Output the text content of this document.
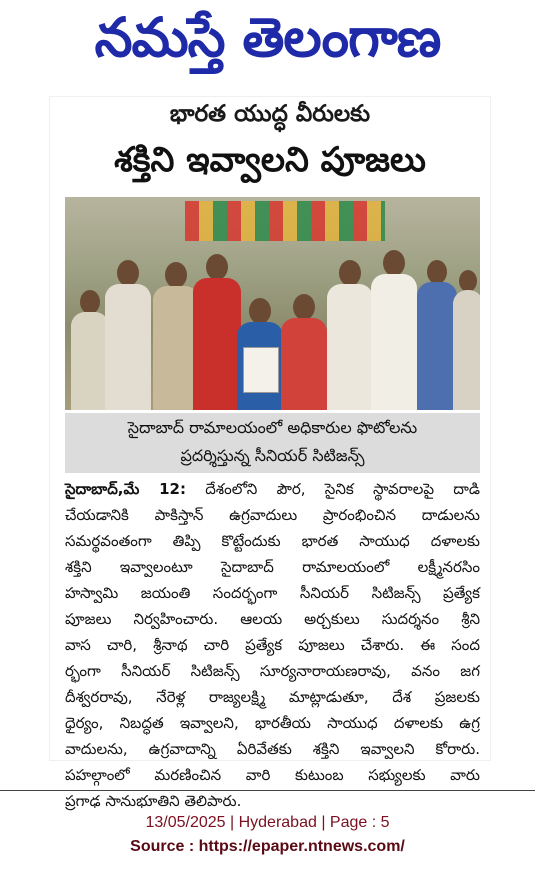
నమస్తే తెలంగాణ
భారత యుద్ధ వీరులకు
శక్తిని ఇవ్వాలని పూజలు
సైదాబాద్ రామాలయంలో అధికారుల ఫొటోలను
ప్రదర్శిస్తున్న సీనియర్ సిటిజన్స్
సైదాబాద్,మే 12: దేశంలోని పౌర, సైనిక స్థావరాలపై దాడి
చేయడానికి పాకిస్తాన్ ఉగ్రవాదులు ప్రారంభించిన దాడులను
సమర్థవంతంగా తిప్పి కొట్టేందుకు భారత సాయుధ దళాలకు
శక్తిని ఇవ్వాలంటూ సైదాబాద్ రామాలయంలో లక్ష్మీనరసిం
హస్వామి జయంతి సందర్భంగా సీనియర్ సిటిజన్స్ ప్రత్యేక
పూజలు నిర్వహించారు. ఆలయ అర్చకులు సుదర్శనం శ్రీని
వాస చారి, శ్రీనాథ చారి ప్రత్యేక పూజలు చేశారు. ఈ సంద
ర్భంగా సీనియర్ సిటిజన్స్ సూర్యనారాయణరావు, వనం జగ
దీశ్వరరావు, నేరెళ్ల రాజ్యలక్ష్మి మాట్లాడుతూ, దేశ ప్రజలకు
ధైర్యం, నిబద్ధత ఇవ్వాలని, భారతీయ సాయుధ దళాలకు ఉగ్ర
వాదులను, ఉగ్రవాదాన్ని ఏరివేతకు శక్తిని ఇవ్వాలని కోరారు.
పహల్గాంలో మరణించిన వారి కుటుంబ సభ్యులకు వారు
ప్రగాఢ సానుభూతిని తెలిపారు.
13/05/2025 | Hyderabad | Page : 5
Source : https://epaper.ntnews.com/
